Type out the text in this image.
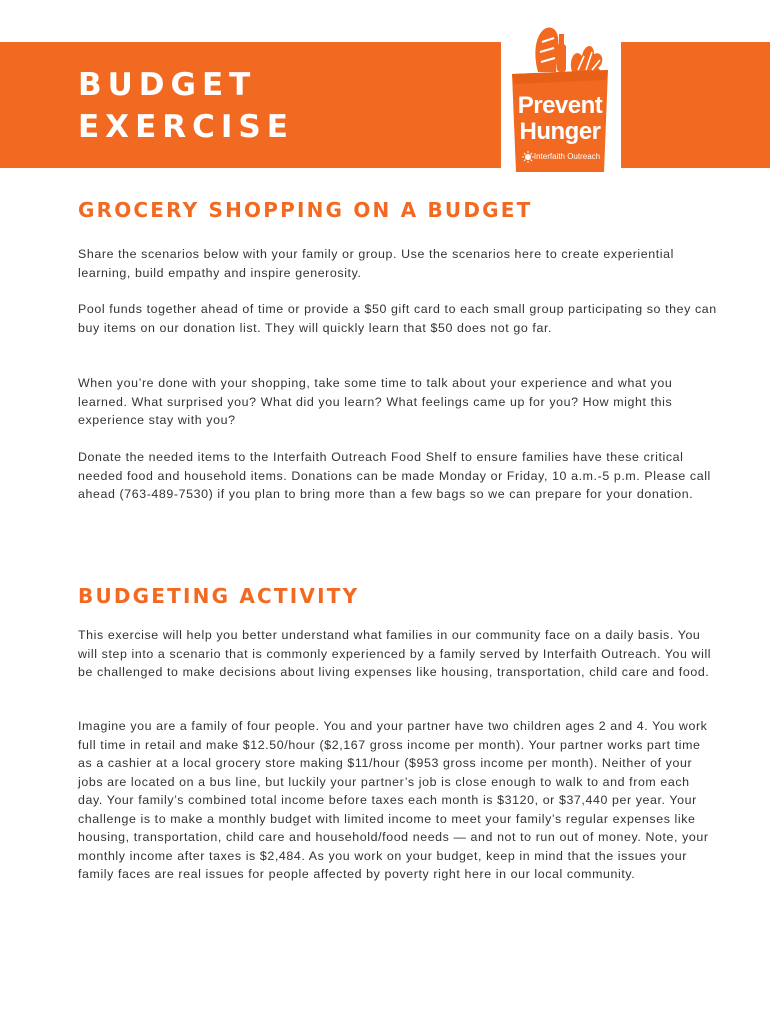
BUDGET
EXERCISE
Prevent
Hunger
Interfaith Outreach
GROCERY SHOPPING ON A BUDGET

Share the scenarios below with your family or group. Use the scenarios here to create experiential learning, build empathy and inspire generosity.

Pool funds together ahead of time or provide a $50 gift card to each small group participating so they can buy items on our donation list. They will quickly learn that $50 does not go far.

When you’re done with your shopping, take some time to talk about your experience and what you learned. What surprised you? What did you learn? What feelings came up for you? How might this experience stay with you?

Donate the needed items to the Interfaith Outreach Food Shelf to ensure families have these critical needed food and household items. Donations can be made Monday or Friday, 10 a.m.-5 p.m. Please call ahead (763-489-7530) if you plan to bring more than a few bags so we can prepare for your donation.

BUDGETING ACTIVITY

This exercise will help you better understand what families in our community face on a daily basis. You will step into a scenario that is commonly experienced by a family served by Interfaith Outreach. You will be challenged to make decisions about living expenses like housing, transportation, child care and food.

Imagine you are a family of four people. You and your partner have two children ages 2 and 4. You work full time in retail and make $12.50/hour ($2,167 gross income per month). Your partner works part time as a cashier at a local grocery store making $11/hour ($953 gross income per month). Neither of your jobs are located on a bus line, but luckily your partner’s job is close enough to walk to and from each day. Your family’s combined total income before taxes each month is $3120, or $37,440 per year. Your challenge is to make a monthly budget with limited income to meet your family’s regular expenses like housing, transportation, child care and household/food needs — and not to run out of money. Note, your monthly income after taxes is $2,484. As you work on your budget, keep in mind that the issues your family faces are real issues for people affected by poverty right here in our local community.
